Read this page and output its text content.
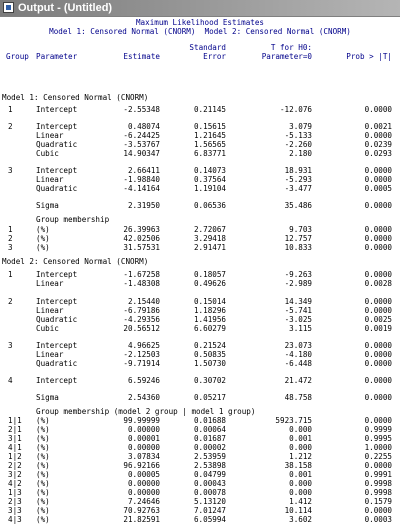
Output - (Untitled)
Maximum Likelihood Estimates
Model 1: Censored Normal (CNORM)  Model 2: Censored Normal (CNORM)
Standard	T for H0:
Group Parameter	Estimate	Error	Parameter=0	Prob > |T|
Model 1: Censored Normal (CNORM)
1	Intercept	-2.55348	0.21145	-12.076	0.0000
2	Intercept	0.48074	0.15615	3.079	0.0021
Linear	-6.24425	1.21645	-5.133	0.0000
Quadratic	-3.53767	1.56565	-2.260	0.0239
Cubic	14.90347	6.83771	2.180	0.0293
3	Intercept	2.66411	0.14073	18.931	0.0000
Linear	-1.98840	0.37564	-5.293	0.0000
Quadratic	-4.14164	1.19104	-3.477	0.0005
Sigma	2.31950	0.06536	35.486	0.0000
Group membership
1	(%)	26.39963	2.72067	9.703	0.0000
2	(%)	42.02506	3.29418	12.757	0.0000
3	(%)	31.57531	2.91471	10.833	0.0000
Model 2: Censored Normal (CNORM)
1	Intercept	-1.67258	0.18057	-9.263	0.0000
Linear	-1.48308	0.49626	-2.989	0.0028
2	Intercept	2.15440	0.15014	14.349	0.0000
Linear	-6.79186	1.18296	-5.741	0.0000
Quadratic	-4.29356	1.41956	-3.025	0.0025
Cubic	20.56512	6.60279	3.115	0.0019
3	Intercept	4.96625	0.21524	23.073	0.0000
Linear	-2.12503	0.50835	-4.180	0.0000
Quadratic	-9.71914	1.50730	-6.448	0.0000
4	Intercept	6.59246	0.30702	21.472	0.0000
Sigma	2.54360	0.05217	48.758	0.0000
Group membership (model 2 group | model 1 group)
1|1	(%)	99.99999	0.01688	5923.715	0.0000
2|1	(%)	0.00000	0.00064	0.000	0.9999
3|1	(%)	0.00001	0.01687	0.001	0.9995
4|1	(%)	0.00000	0.00002	0.000	1.0000
1|2	(%)	3.07834	2.53959	1.212	0.2255
2|2	(%)	96.92166	2.53898	38.158	0.0000
3|2	(%)	0.00005	0.04799	0.001	0.9991
4|2	(%)	0.00000	0.00043	0.000	0.9998
1|3	(%)	0.00000	0.00078	0.000	0.9998
2|3	(%)	7.24646	5.13120	1.412	0.1579
3|3	(%)	70.92763	7.01247	10.114	0.0000
4|3	(%)	21.82591	6.05994	3.602	0.0003
